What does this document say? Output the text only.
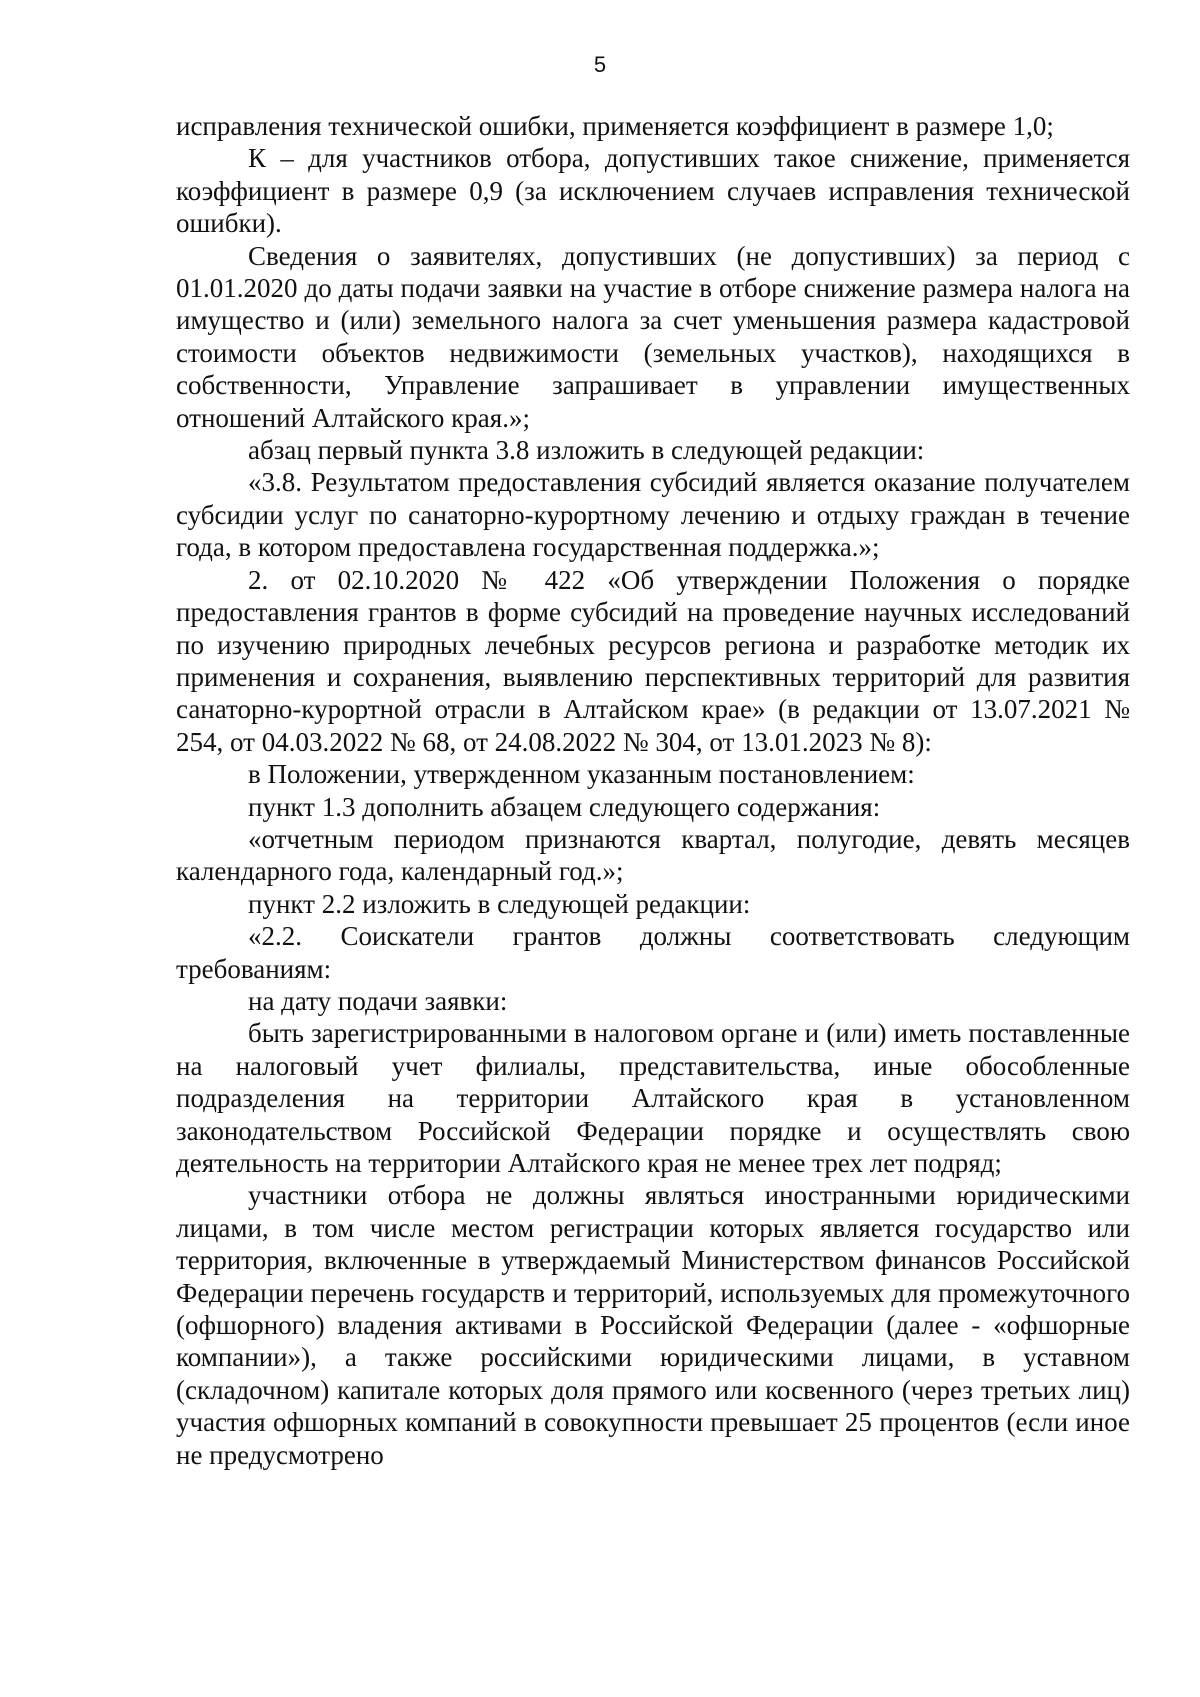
5

исправления технической ошибки, применяется коэффициент в размере 1,0;

К – для участников отбора, допустивших такое снижение, применяется коэффициент в размере 0,9 (за исключением случаев исправления технической ошибки).

Сведения о заявителях, допустивших (не допустивших) за период с 01.01.2020 до даты подачи заявки на участие в отборе снижение размера налога на имущество и (или) земельного налога за счет уменьшения размера кадастровой стоимости объектов недвижимости (земельных участков), находящихся в собственности, Управление запрашивает в управлении имущественных отношений Алтайского края.»;

абзац первый пункта 3.8 изложить в следующей редакции:

«3.8. Результатом предоставления субсидий является оказание получателем субсидии услуг по санаторно-курортному лечению и отдыху граждан в течение года, в котором предоставлена государственная поддержка.»;

2. от 02.10.2020 № 422 «Об утверждении Положения о порядке предоставления грантов в форме субсидий на проведение научных исследований по изучению природных лечебных ресурсов региона и разработке методик их применения и сохранения, выявлению перспективных территорий для развития санаторно-курортной отрасли в Алтайском крае» (в редакции от 13.07.2021 № 254, от 04.03.2022 № 68, от 24.08.2022 № 304, от 13.01.2023 № 8):

в Положении, утвержденном указанным постановлением:

пункт 1.3 дополнить абзацем следующего содержания:

«отчетным периодом признаются квартал, полугодие, девять месяцев календарного года, календарный год.»;

пункт 2.2 изложить в следующей редакции:

«2.2. Соискатели грантов должны соответствовать следующим требованиям:

на дату подачи заявки:

быть зарегистрированными в налоговом органе и (или) иметь поставленные на налоговый учет филиалы, представительства, иные обособленные подразделения на территории Алтайского края в установленном законодательством Российской Федерации порядке и осуществлять свою деятельность на территории Алтайского края не менее трех лет подряд;

участники отбора не должны являться иностранными юридическими лицами, в том числе местом регистрации которых является государство или территория, включенные в утверждаемый Министерством финансов Российской Федерации перечень государств и территорий, используемых для промежуточного (офшорного) владения активами в Российской Федерации (далее - «офшорные компании»), а также российскими юридическими лицами, в уставном (складочном) капитале которых доля прямого или косвенного (через третьих лиц) участия офшорных компаний в совокупности превышает 25 процентов (если иное не предусмотрено
